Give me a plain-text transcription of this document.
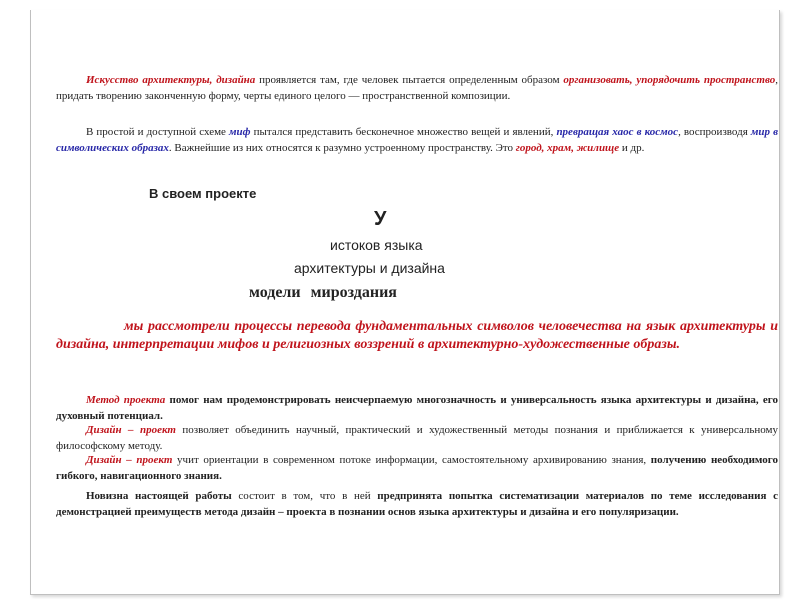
Искусство архитектуры, дизайна проявляется там, где человек пытается определенным образом организовать, упорядочить пространство, придать творению законченную форму, черты единого целого — пространственной композиции.

В простой и доступной схеме миф пытался представить бесконечное множество вещей и явлений, превращая хаос в космос, воспроизводя мир в символических образах. Важнейшие из них относятся к разумно устроенному пространству. Это город, храм, жилище и др.

В своем проекте
У
истоков языка
архитектуры и дизайна
модели мироздания

мы рассмотрели процессы перевода фундаментальных символов человечества на язык архитектуры и дизайна, интерпретации мифов и религиозных воззрений в архитектурно-художественные образы.

Метод проекта помог нам продемонстрировать неисчерпаемую многозначность и универсальность языка архитектуры и дизайна, его духовный потенциал.

Дизайн – проект позволяет объединить научный, практический и художественный методы познания и приближается к универсальному философскому методу.

Дизайн – проект учит ориентации в современном потоке информации, самостоятельному архивированию знания, получению необходимого гибкого, навигационного знания.

Новизна настоящей работы состоит в том, что в ней предпринята попытка систематизации материалов по теме исследования с демонстрацией преимуществ метода дизайн – проекта в познании основ языка архитектуры и дизайна и его популяризации.
